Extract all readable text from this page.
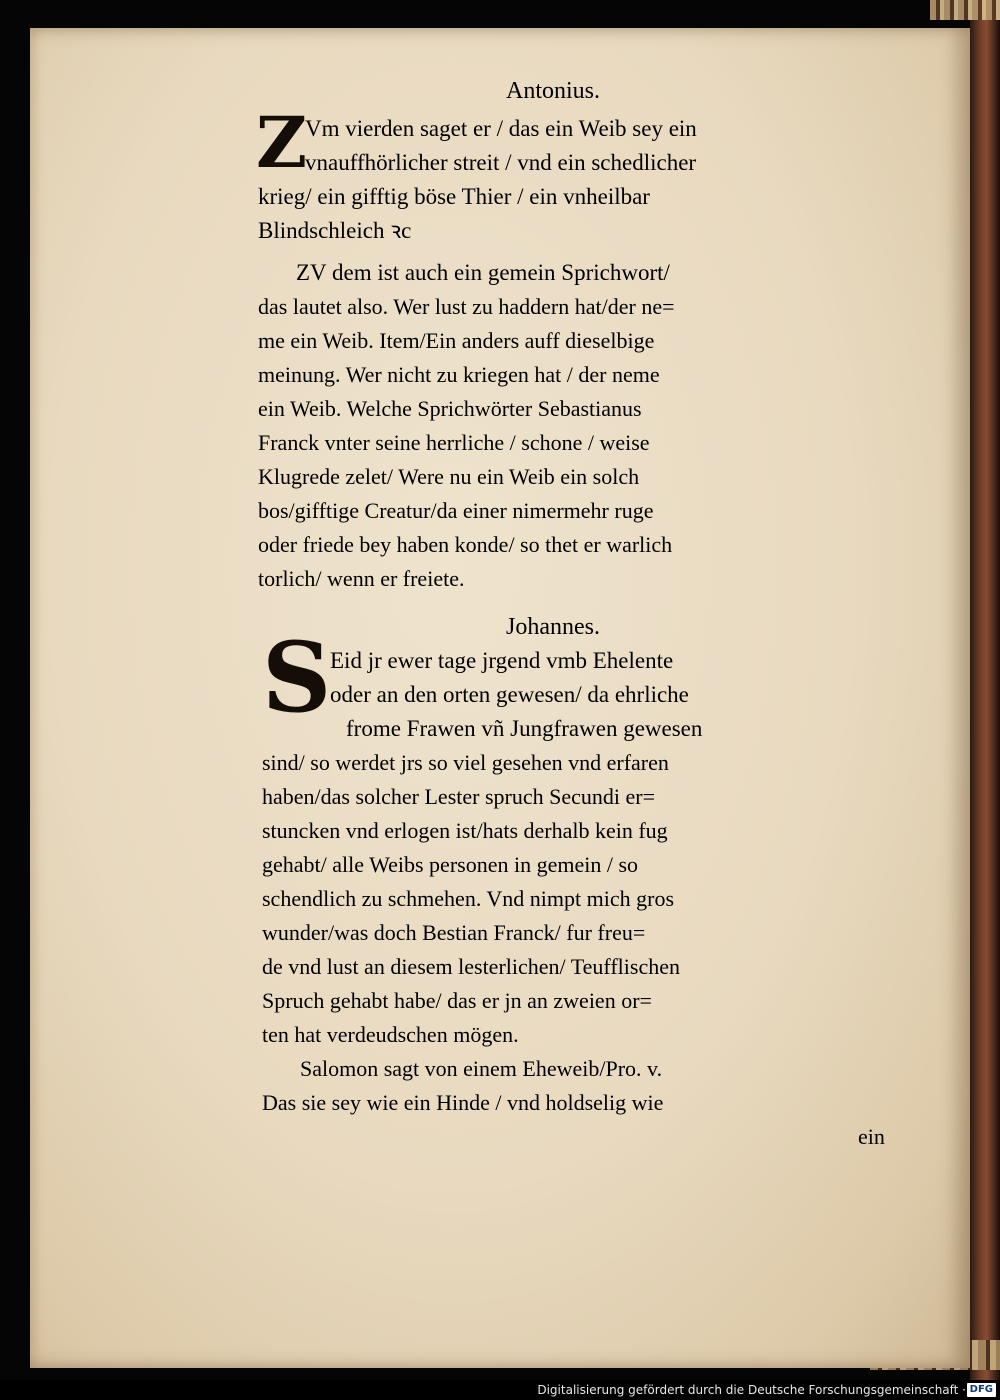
Antonius.
Z
Vm vierden saget er / das ein Weib sey ein
vnauffhörlicher streit / vnd ein schedlicher
krieg/ ein gifftig böse Thier / ein vnheilbar
Blindschleich ꝛc
ZV dem ist auch ein gemein Sprichwort/
das lautet also. Wer lust zu haddern hat/der ne=
me ein Weib. Item/Ein anders auff dieselbige
meinung. Wer nicht zu kriegen hat / der neme
ein Weib. Welche Sprichwörter Sebastianus
Franck vnter seine herrliche / schone / weise
Klugrede zelet/ Were nu ein Weib ein solch
bos/gifftige Creatur/da einer nimermehr ruge
oder friede bey haben konde/ so thet er warlich
torlich/ wenn er freiete.
Johannes.
S
Eid jr ewer tage jrgend vmb Ehelente
oder an den orten gewesen/ da ehrliche
frome Frawen vñ Jungfrawen gewesen
sind/ so werdet jrs so viel gesehen vnd erfaren
haben/das solcher Lester spruch Secundi er=
stuncken vnd erlogen ist/hats derhalb kein fug
gehabt/ alle Weibs personen in gemein / so
schendlich zu schmehen. Vnd nimpt mich gros
wunder/was doch Bestian Franck/ fur freu=
de vnd lust an diesem lesterlichen/ Teufflischen
Spruch gehabt habe/ das er jn an zweien or=
ten hat verdeudschen mögen.
Salomon sagt von einem Eheweib/Pro. v.
Das sie sey wie ein Hinde / vnd holdselig wie
ein
Digitalisierung gefördert durch die Deutsche Forschungsgemeinschaft · DFG
